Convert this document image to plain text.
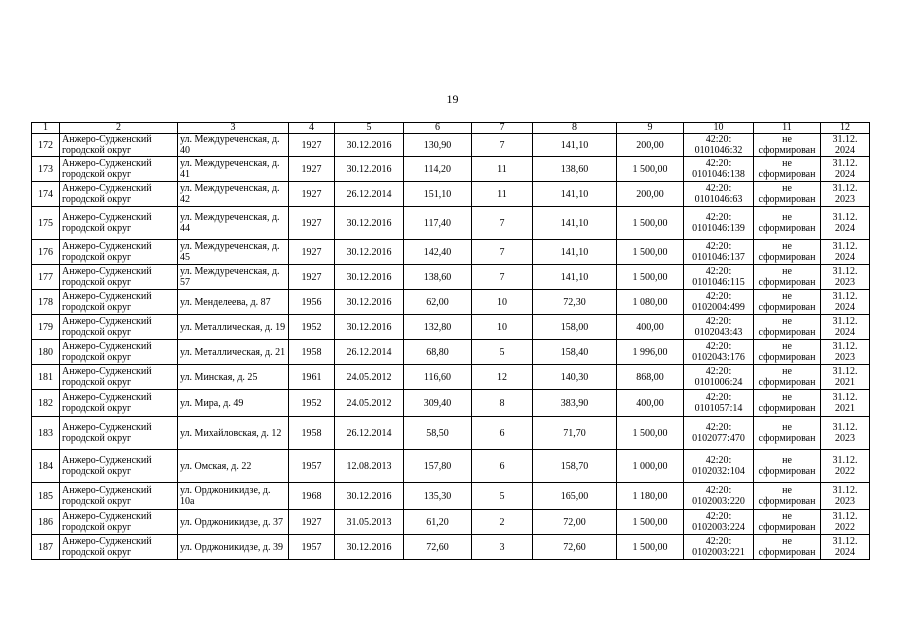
19
1	2	3	4	5	6	7	8	9	10	11	12
172	Анжеро-Судженский городской округ	ул. Междуреченская, д. 40	1927	30.12.2016	130,90	7	141,10	200,00	42:20: 0101046:32	не сформирован	31.12. 2024
173	Анжеро-Судженский городской округ	ул. Междуреченская, д. 41	1927	30.12.2016	114,20	11	138,60	1 500,00	42:20: 0101046:138	не сформирован	31.12. 2024
174	Анжеро-Судженский городской округ	ул. Междуреченская, д. 42	1927	26.12.2014	151,10	11	141,10	200,00	42:20: 0101046:63	не сформирован	31.12. 2023
175	Анжеро-Судженский городской округ	ул. Междуреченская, д. 44	1927	30.12.2016	117,40	7	141,10	1 500,00	42:20: 0101046:139	не сформирован	31.12. 2024
176	Анжеро-Судженский городской округ	ул. Междуреченская, д. 45	1927	30.12.2016	142,40	7	141,10	1 500,00	42:20: 0101046:137	не сформирован	31.12. 2024
177	Анжеро-Судженский городской округ	ул. Междуреченская, д. 57	1927	30.12.2016	138,60	7	141,10	1 500,00	42:20: 0101046:115	не сформирован	31.12. 2023
178	Анжеро-Судженский городской округ	ул. Менделеева, д. 87	1956	30.12.2016	62,00	10	72,30	1 080,00	42:20: 0102004:499	не сформирован	31.12. 2024
179	Анжеро-Судженский городской округ	ул. Металлическая, д. 19	1952	30.12.2016	132,80	10	158,00	400,00	42:20: 0102043:43	не сформирован	31.12. 2024
180	Анжеро-Судженский городской округ	ул. Металлическая, д. 21	1958	26.12.2014	68,80	5	158,40	1 996,00	42:20: 0102043:176	не сформирован	31.12. 2023
181	Анжеро-Судженский городской округ	ул. Минская, д. 25	1961	24.05.2012	116,60	12	140,30	868,00	42:20: 0101006:24	не сформирован	31.12. 2021
182	Анжеро-Судженский городской округ	ул. Мира, д. 49	1952	24.05.2012	309,40	8	383,90	400,00	42:20: 0101057:14	не сформирован	31.12. 2021
183	Анжеро-Судженский городской округ	ул. Михайловская, д. 12	1958	26.12.2014	58,50	6	71,70	1 500,00	42:20: 0102077:470	не сформирован	31.12. 2023
184	Анжеро-Судженский городской округ	ул. Омская, д. 22	1957	12.08.2013	157,80	6	158,70	1 000,00	42:20: 0102032:104	не сформирован	31.12. 2022
185	Анжеро-Судженский городской округ	ул. Орджоникидзе, д. 10а	1968	30.12.2016	135,30	5	165,00	1 180,00	42:20: 0102003:220	не сформирован	31.12. 2023
186	Анжеро-Судженский городской округ	ул. Орджоникидзе, д. 37	1927	31.05.2013	61,20	2	72,00	1 500,00	42:20: 0102003:224	не сформирован	31.12. 2022
187	Анжеро-Судженский городской округ	ул. Орджоникидзе, д. 39	1957	30.12.2016	72,60	3	72,60	1 500,00	42:20: 0102003:221	не сформирован	31.12. 2024
